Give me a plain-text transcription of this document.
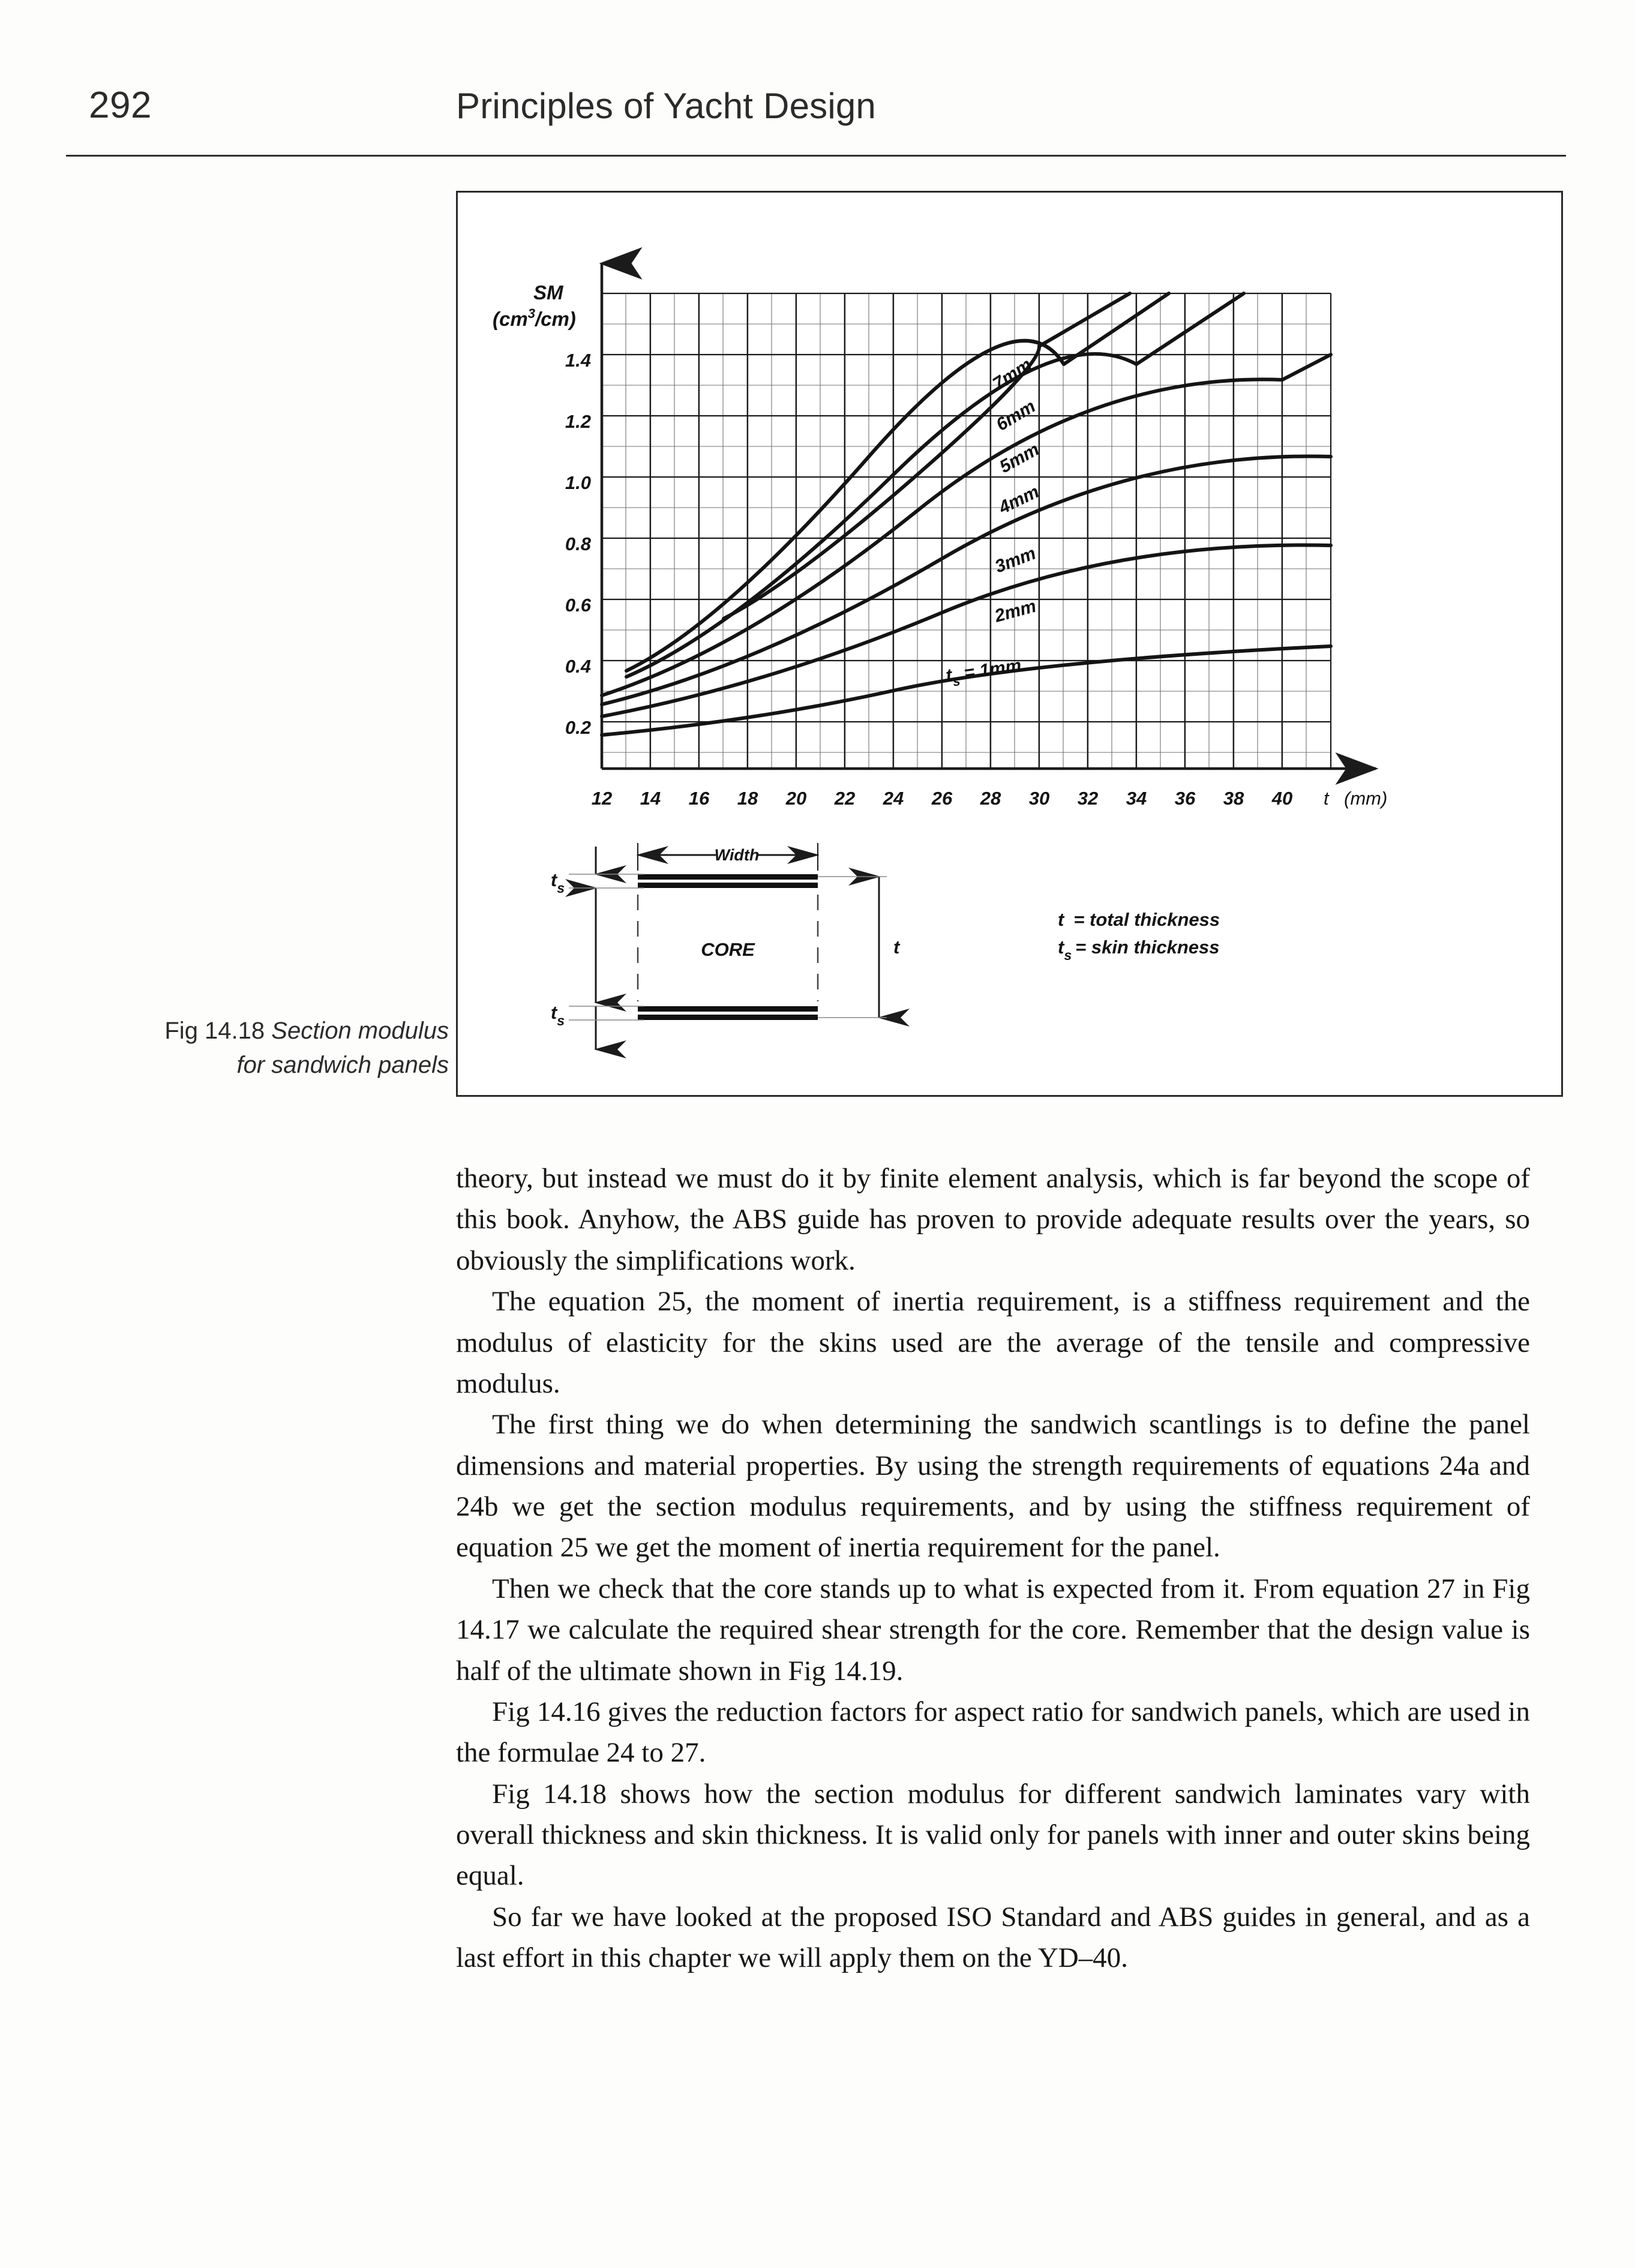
292	Principles of Yacht Design
1.4
1.2
1.0
0.8
0.6
0.4
0.2
SM
$(cm^3/cm)$
12 14 16 18 20 22 24 26 28 30 32 34 36 38 40 t (mm)
7mm
6mm
5mm
4mm
3mm
2mm
$t_s = 1mm$
Width
CORE
$t_s$
$t_s$
t
t = total thickness
$t_s$ = skin thickness
Fig 14.18 Section modulus
for sandwich panels

theory, but instead we must do it by finite element analysis, which is far beyond the scope of this book. Anyhow, the ABS guide has proven to provide adequate results over the years, so obviously the simplifications work.

The equation 25, the moment of inertia requirement, is a stiffness requirement and the modulus of elasticity for the skins used are the average of the tensile and compressive modulus.

The first thing we do when determining the sandwich scantlings is to define the panel dimensions and material properties. By using the strength requirements of equations 24a and 24b we get the section modulus requirements, and by using the stiffness requirement of equation 25 we get the moment of inertia requirement for the panel.

Then we check that the core stands up to what is expected from it. From equation 27 in Fig 14.17 we calculate the required shear strength for the core. Remember that the design value is half of the ultimate shown in Fig 14.19.

Fig 14.16 gives the reduction factors for aspect ratio for sandwich panels, which are used in the formulae 24 to 27.

Fig 14.18 shows how the section modulus for different sandwich laminates vary with overall thickness and skin thickness. It is valid only for panels with inner and outer skins being equal.

So far we have looked at the proposed ISO Standard and ABS guides in general, and as a last effort in this chapter we will apply them on the YD–40.
